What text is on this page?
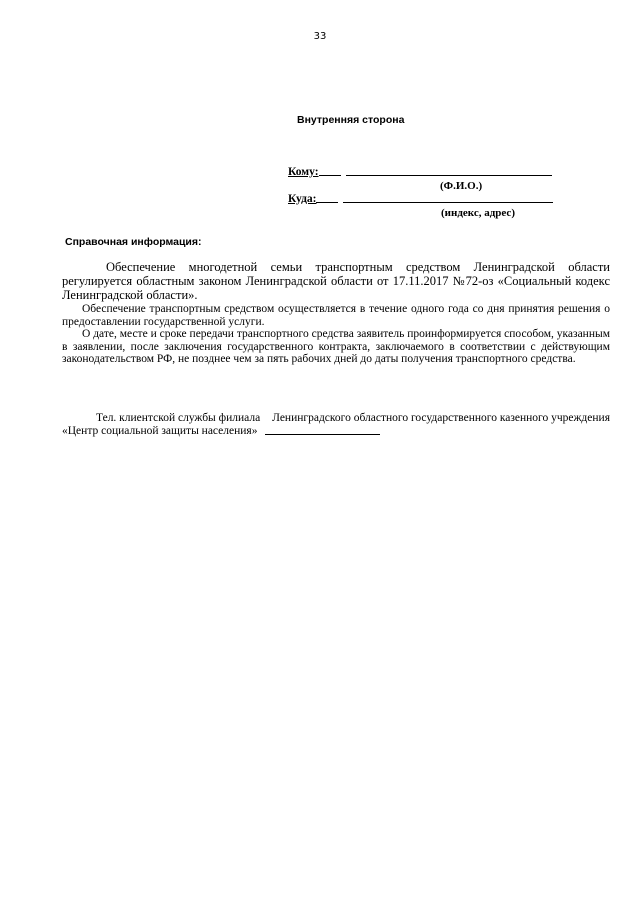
33
Внутренняя сторона
Кому:
(Ф.И.О.)
Куда:
(индекс, адрес)
Справочная информация:

Обеспечение многодетной семьи транспортным средством Ленинградской области регулируется областным законом Ленинградской области от 17.11.2017 №72-оз «Социальный кодекс Ленинградской области».

Обеспечение транспортным средством осуществляется в течение одного года со дня принятия решения о предоставлении государственной услуги.

О дате, месте и сроке передачи транспортного средства заявитель проинформируется способом, указанным в заявлении, после заключения государственного контракта, заключаемого в соответствии с действующим законодательством РФ, не позднее чем за пять рабочих дней до даты получения транспортного средства.

Тел. клиентской службы филиала Ленинградского областного государственного казенного учреждения
«Центр социальной защиты населения»
